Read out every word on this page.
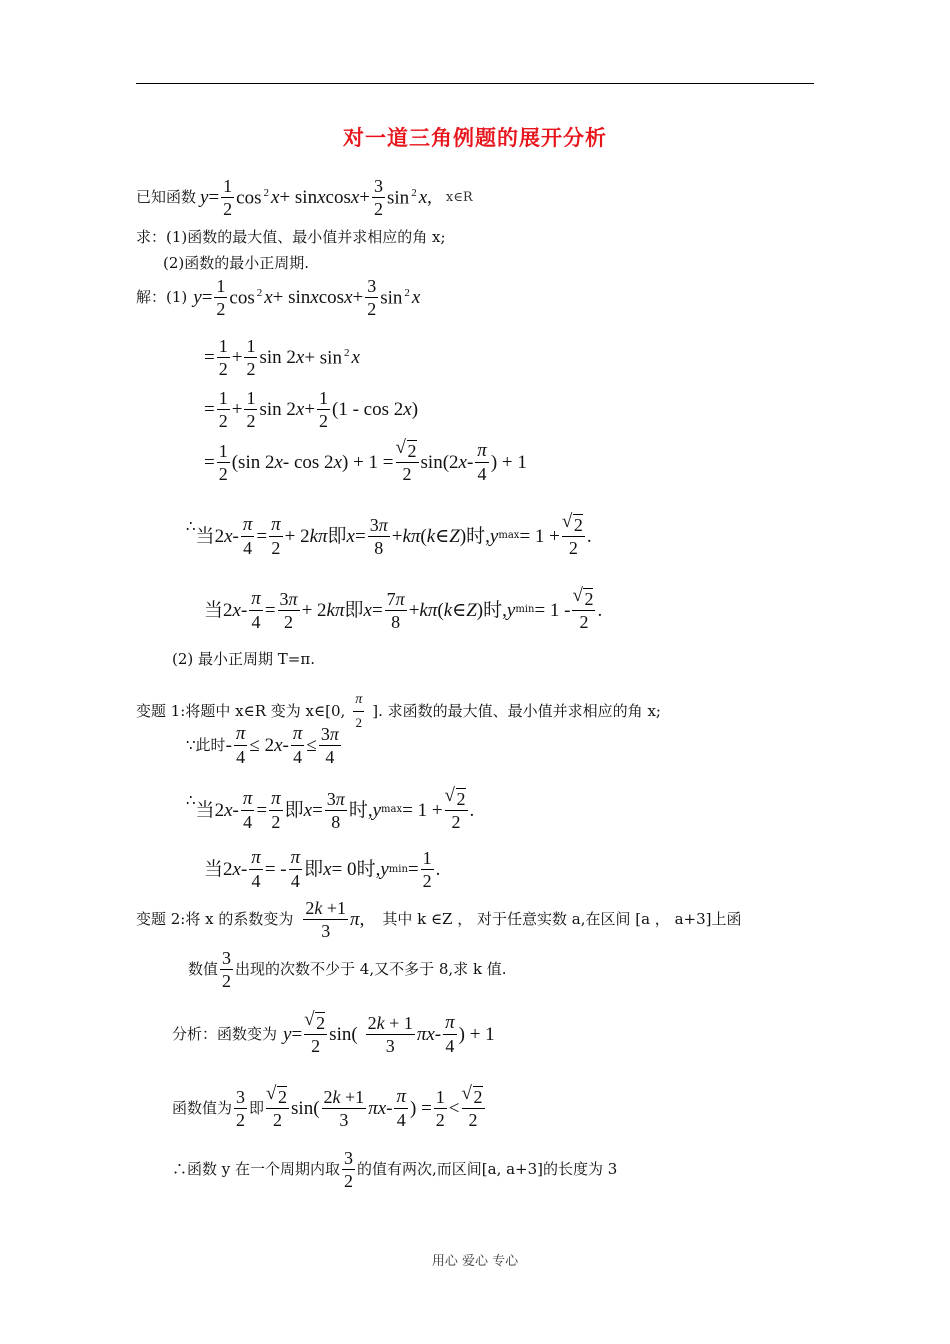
对一道三角例题的展开分析
已知函数 $y = \frac{1}{2}$ cos $^2$ x + sin x $\cos x + \frac{3}{2}$ sin $^2$ x , x∈R
求：(1)函数的最大值、最小值并求相应的角 x;
(2)函数的最小正周期.
解：(1) $y = \frac{1}{2}$ cos $^2$ x + sin x $\cos x + \frac{3}{2}$ sin $^2$ x
= $\frac{1}{2} + \frac{1}{2}$ sin 2 x + sin $^2$ x
= $\frac{1}{2} + \frac{1}{2}$ sin 2 $x + \frac{1}{2} (1 - \cos 2$ x )
= $\frac{1}{2} (\sin$ 2 x - cos 2 x ) + 1 = √ $\frac{2}{2} \sin(2$ x -
π
4
) + 1
∴ 当 2 $x - \frac{\pi}{4} = \frac{\pi}{2} + 2$ kπ 即 $x = \frac{3\pi}{8} + k\pi$ ( k ∈ Z ) 时 , y max = 1 + √ $\frac{2}{2}$ .
当 2 $x - \frac{\pi}{4} = \frac{3\pi}{2} + 2$ kπ 即 $x = \frac{7\pi}{8} + k\pi$ ( k ∈ Z ) 时 , y min = 1 -
√ 2
2
.
(2) 最小正周期 T=π.
变题 1:将题中 x∈R 变为 x∈[0,
π
2
]. 求函数的最大值、最小值并求相应的角 x;
∵ 此时 - $\frac{\pi}{4} \le 2$ $x - \frac{\pi}{4} \le \frac{3\pi}{4}$
∴ 当 2 $x - \frac{\pi}{4} = \frac{\pi}{2}$ 即 $x = \frac{3\pi}{8}$ 时 , y max = 1 + √ $\frac{2}{2}$ .
当 2 x - $\frac{\pi}{4}$ = -
π
4
即 x = 0 时 , y $\min = \frac{1}{2}$ .
变题 2:将 x 的系数变为
2k +1
3
π , 其中 k ∈Z ， 对于任意实数 a,在区间 [a ， a+3]上函
数值
3
2
出现的次数不少于 4,又不多于 8,求 k 值.
分析：函数变为 y = √ $\frac{2}{2} \sin$(
2k + 1
3
πx -
π
4
) + 1
函数值为
3
2
即
√ 2
2
sin(
2k +1
3
πx -
π
4
) = $\frac{1}{2}$ <
√ 2
2
∴函数 y 在一个周期内取
3
2
的值有两次,而区间[a, a+3]的长度为 3
用心 爱心 专心
